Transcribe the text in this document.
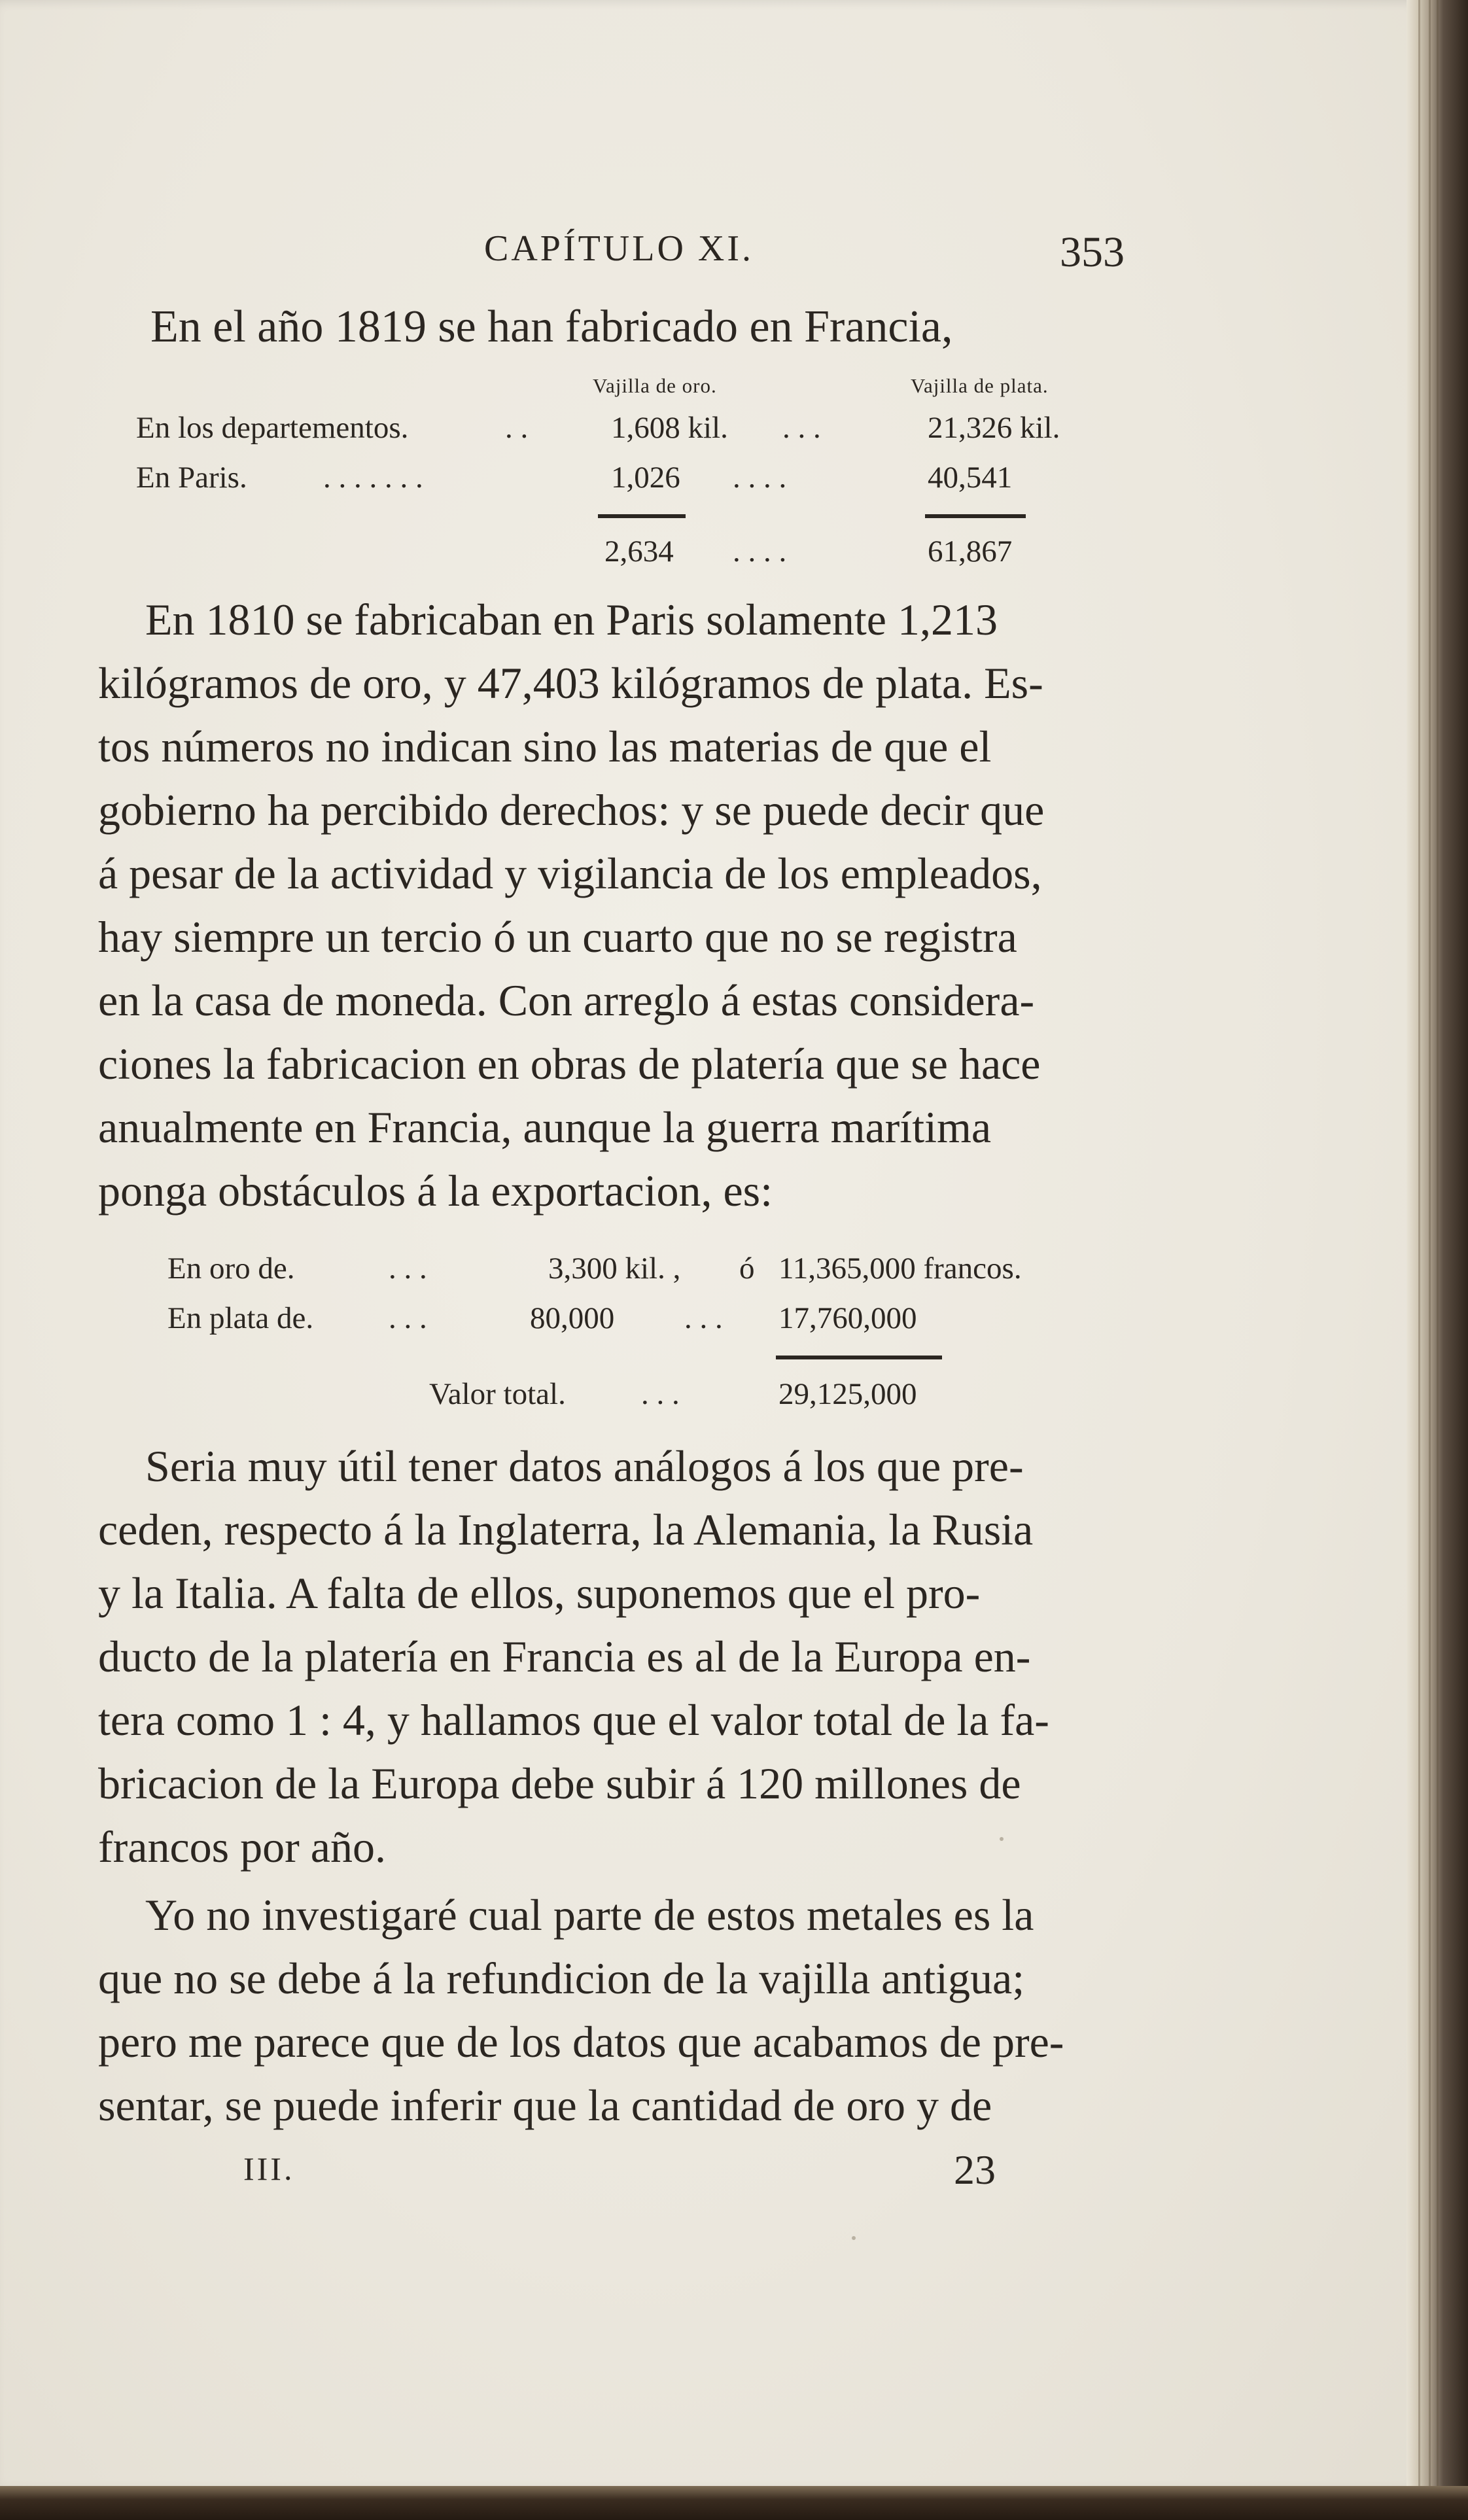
CAPÍTULO XI.	353
En el año 1819 se han fabricado en Francia,
Vajilla de oro.	Vajilla de plata.
En los departementos.	. .	1,608 kil. . . .	21,326 kil.
En Paris. . . . . . . .	1,026 . . . .	40,541
2,634 . . . .	61,867
En 1810 se fabricaban en Paris solamente 1,213
kilógramos de oro, y 47,403 kilógramos de plata. Es-
tos números no indican sino las materias de que el
gobierno ha percibido derechos: y se puede decir que
á pesar de la actividad y vigilancia de los empleados,
hay siempre un tercio ó un cuarto que no se registra
en la casa de moneda. Con arreglo á estas considera-
ciones la fabricacion en obras de platería que se hace
anualmente en Francia, aunque la guerra marítima
ponga obstáculos á la exportacion, es:
En oro de.	. . .	3,300 kil. , ó 11,365,000 francos.
En plata de. . . .	80,000 . . . 17,760,000
Valor total. . . .	29,125,000
Seria muy útil tener datos análogos á los que pre-
ceden, respecto á la Inglaterra, la Alemania, la Rusia
y la Italia. A falta de ellos, suponemos que el pro-
ducto de la platería en Francia es al de la Europa en-
tera como 1 : 4, y hallamos que el valor total de la fa-
bricacion de la Europa debe subir á 120 millones de
francos por año.
Yo no investigaré cual parte de estos metales es la
que no se debe á la refundicion de la vajilla antigua;
pero me parece que de los datos que acabamos de pre-
sentar, se puede inferir que la cantidad de oro y de
III.	23
